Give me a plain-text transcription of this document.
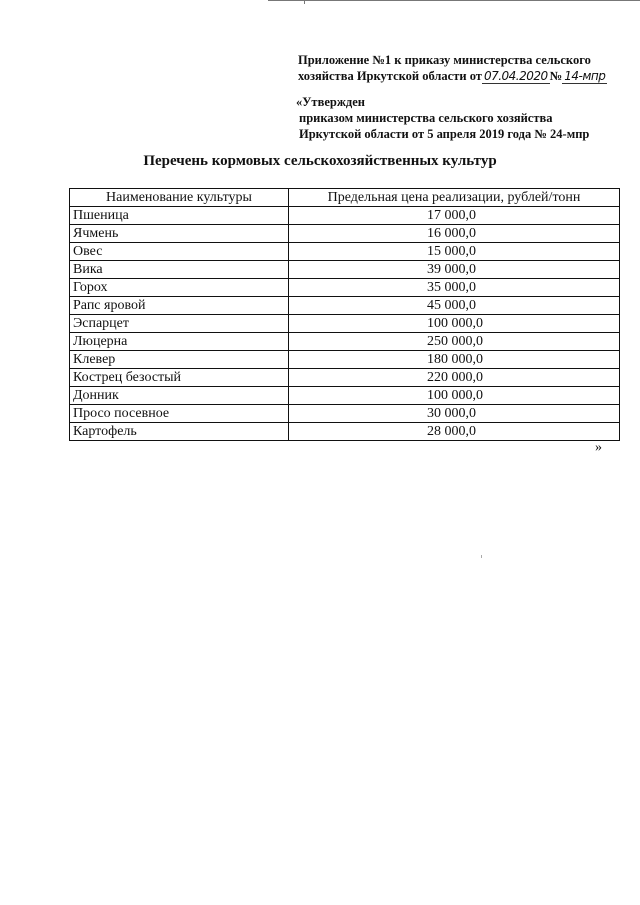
Приложение №1 к приказу министерства сельского
хозяйства Иркутской области от 07.04.2020 № 14-мпр
«Утвержден
приказом министерства сельского хозяйства
Иркутской области от 5 апреля 2019 года № 24-мпр
Перечень кормовых сельскохозяйственных культур
Наименование культуры	Предельная цена реализации, рублей/тонн
Пшеница	17 000,0
Ячмень	16 000,0
Овес	15 000,0
Вика	39 000,0
Горох	35 000,0
Рапс яровой	45 000,0
Эспарцет	100 000,0
Люцерна	250 000,0
Клевер	180 000,0
Кострец безостый	220 000,0
Донник	100 000,0
Просо посевное	30 000,0
Картофель	28 000,0
»
